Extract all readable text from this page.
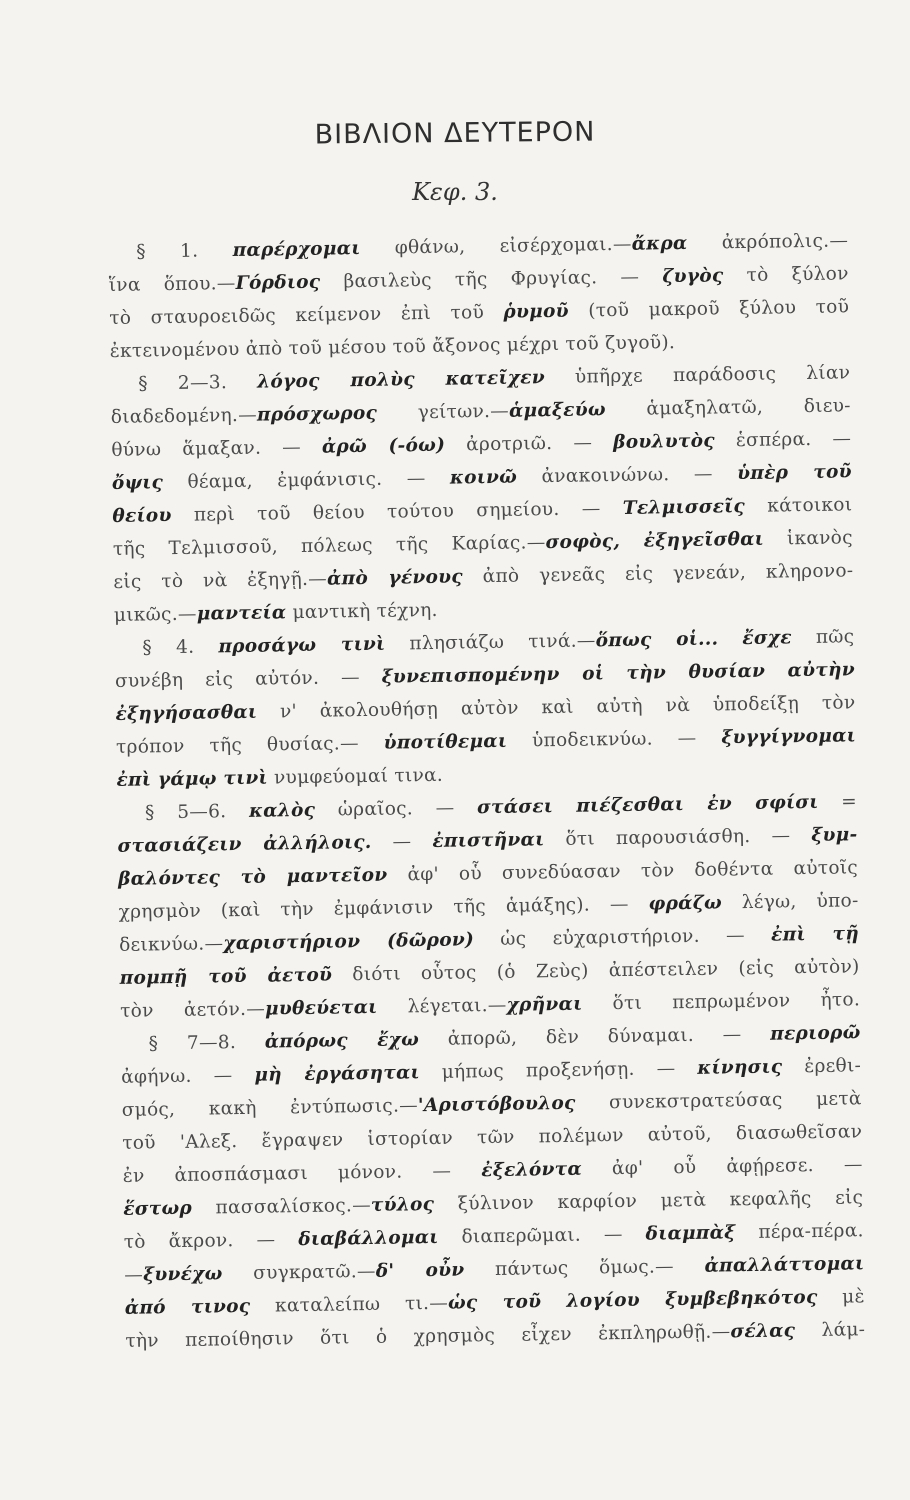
ΒΙΒΛΙΟΝ ΔΕΥΤΕΡΟΝ
Κεφ. 3.
§ 1. παρέρχομαι φθάνω, εἰσέρχομαι.—ἄκρα ἀκρόπολις.—
ἵνα ὅπου.—Γόρδιος βασιλεὺς τῆς Φρυγίας. — ζυγὸς τὸ ξύλον
τὸ σταυροειδῶς κείμενον ἐπὶ τοῦ ῥυμοῦ (τοῦ μακροῦ ξύλου τοῦ
ἐκτεινομένου ἀπὸ τοῦ μέσου τοῦ ἄξονος μέχρι τοῦ ζυγοῦ).
§ 2—3. λόγος πολὺς κατεῖχεν ὑπῆρχε παράδοσις λίαν
διαδεδομένη.—πρόσχωρος γείτων.—ἁμαξεύω ἁμαξηλατῶ, διευ-
θύνω ἅμαξαν. — ἀρῶ (-όω) ἀροτριῶ. — βουλυτὸς ἑσπέρα. —
ὄψις θέαμα, ἐμφάνισις. — κοινῶ ἀνακοινώνω. — ὑπὲρ τοῦ
θείου περὶ τοῦ θείου τούτου σημείου. — Τελμισσεῖς κάτοικοι
τῆς Τελμισσοῦ, πόλεως τῆς Καρίας.—σοφὸς, ἐξηγεῖσθαι ἱκανὸς
εἰς τὸ νὰ ἐξηγῇ.—ἀπὸ γένους ἀπὸ γενεᾶς εἰς γενεάν, κληρονο-
μικῶς.—μαντεία μαντικὴ τέχνη.
§ 4. προσάγω τινὶ πλησιάζω τινά.—ὅπως οἱ... ἔσχε πῶς
συνέβη εἰς αὐτόν. — ξυνεπισπομένην οἱ τὴν θυσίαν αὐτὴν
ἐξηγήσασθαι ν' ἀκολουθήσῃ αὐτὸν καὶ αὐτὴ νὰ ὑποδείξῃ τὸν
τρόπον τῆς θυσίας.— ὑποτίθεμαι ὑποδεικνύω. — ξυγγίγνομαι
ἐπὶ γάμῳ τινὶ νυμφεύομαί τινα.
§ 5—6. καλὸς ὡραῖος. — στάσει πιέζεσθαι ἐν σφίσι =
στασιάζειν ἀλλήλοις. — ἐπιστῆναι ὅτι παρουσιάσθη. — ξυμ-
βαλόντες τὸ μαντεῖον ἀφ' οὗ συνεδύασαν τὸν δοθέντα αὐτοῖς
χρησμὸν (καὶ τὴν ἐμφάνισιν τῆς ἁμάξης). — φράζω λέγω, ὑπο-
δεικνύω.—χαριστήριον (δῶρον) ὡς εὐχαριστήριον. — ἐπὶ τῇ
πομπῇ τοῦ ἀετοῦ διότι οὗτος (ὁ Ζεὺς) ἀπέστειλεν (εἰς αὐτὸν)
τὸν ἀετόν.—μυθεύεται λέγεται.—χρῆναι ὅτι πεπρωμένον ἦτο.
§ 7—8. ἀπόρως ἔχω ἀπορῶ, δὲν δύναμαι. — περιορῶ
ἀφήνω. — μὴ ἐργάσηται μήπως προξενήσῃ. — κίνησις ἐρεθι-
σμός, κακὴ ἐντύπωσις.—'Αριστόβουλος συνεκστρατεύσας μετὰ
τοῦ 'Αλεξ. ἔγραψεν ἱστορίαν τῶν πολέμων αὐτοῦ, διασωθεῖσαν
ἐν ἀποσπάσμασι μόνον. — ἐξελόντα ἀφ' οὗ ἀφῄρεσε. —
ἕστωρ πασσαλίσκος.—τύλος ξύλινον καρφίον μετὰ κεφαλῆς εἰς
τὸ ἄκρον. — διαβάλλομαι διαπερῶμαι. — διαμπὰξ πέρα-πέρα.
—ξυνέχω συγκρατῶ.—δ' οὖν πάντως ὅμως.— ἀπαλλάττομαι
ἀπό τινος καταλείπω τι.—ὡς τοῦ λογίου ξυμβεβηκότος μὲ
τὴν πεποίθησιν ὅτι ὁ χρησμὸς εἶχεν ἐκπληρωθῇ.—σέλας λάμ-
